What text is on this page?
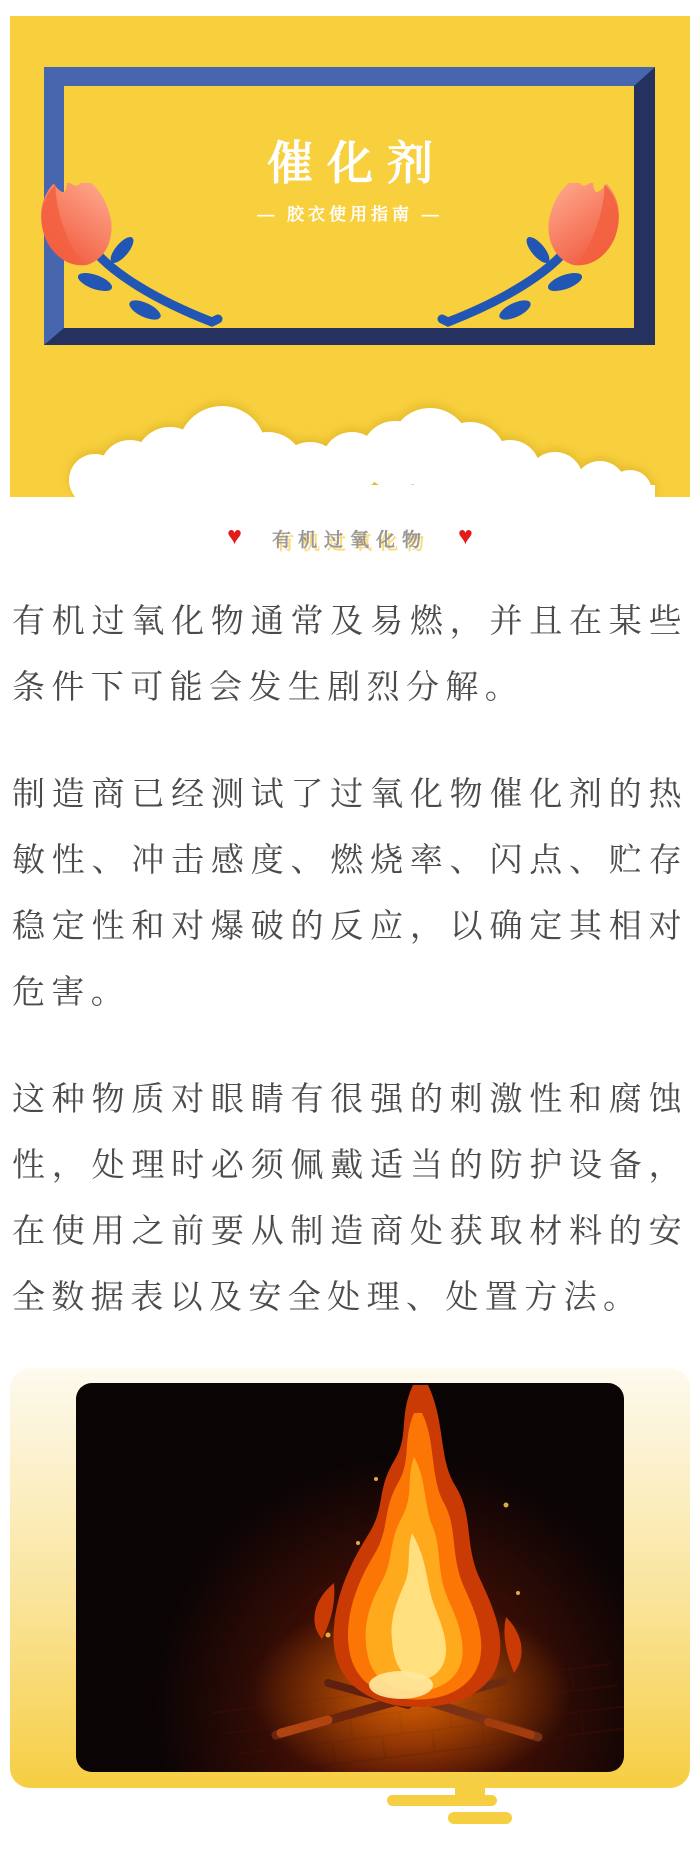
催化剂
— 胶衣使用指南 —
♥ 有机过氧化物 ♥

有机过氧化物通常及易燃，并且在某些条件下可能会发生剧烈分解。

制造商已经测试了过氧化物催化剂的热敏性、冲击感度、燃烧率、闪点、贮存稳定性和对爆破的反应，以确定其相对危害。

这种物质对眼睛有很强的刺激性和腐蚀性，处理时必须佩戴适当的防护设备，在使用之前要从制造商处获取材料的安全数据表以及安全处理、处置方法。
